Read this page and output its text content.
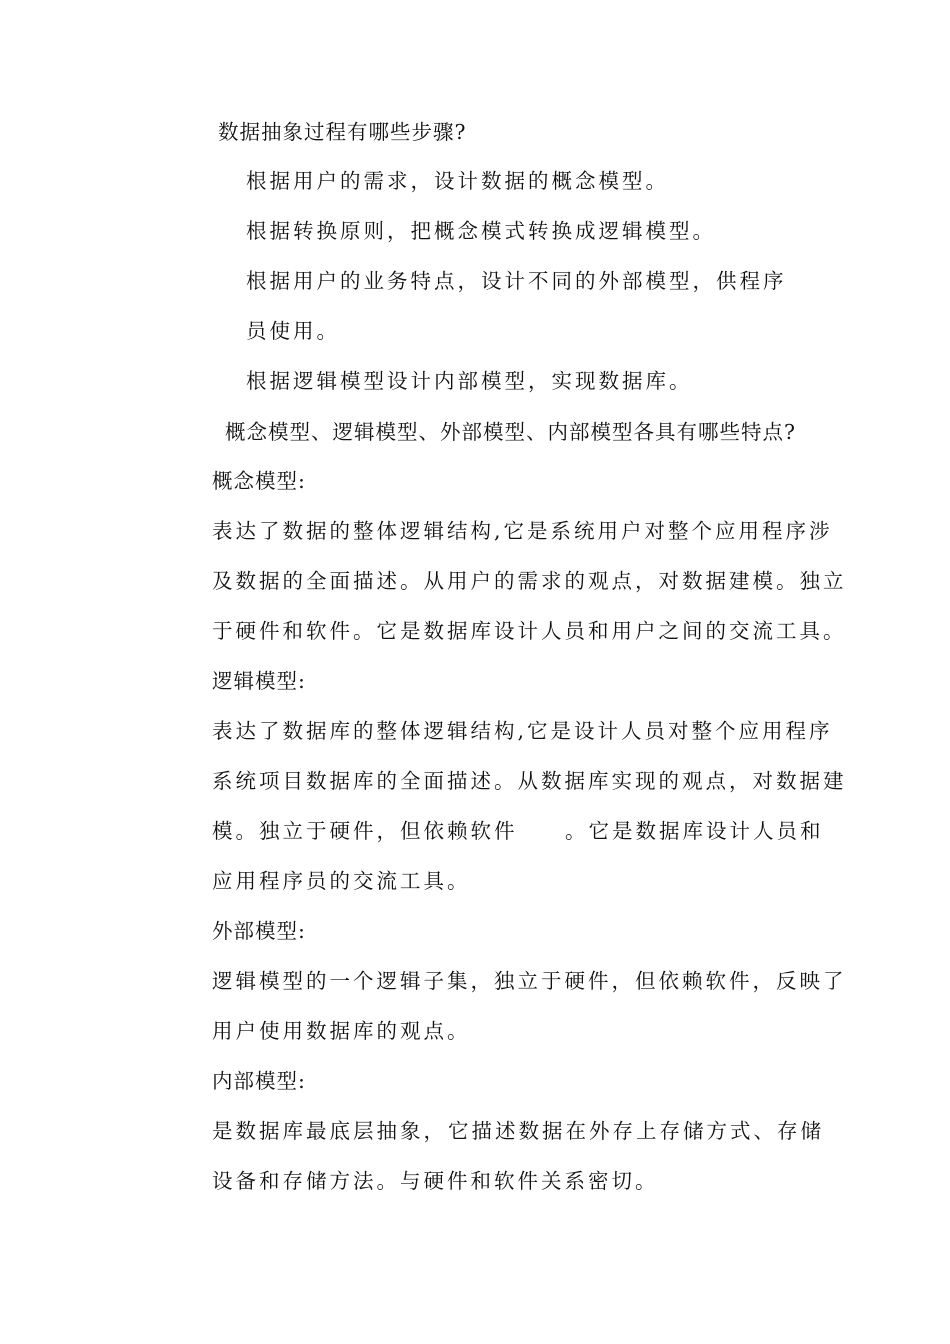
数据抽象过程有哪些步骤?
根据用户的需求，设计数据的概念模型。
根据转换原则，把概念模式转换成逻辑模型。
根据用户的业务特点，设计不同的外部模型，供程序
员使用。
根据逻辑模型设计内部模型，实现数据库。
概念模型、逻辑模型、外部模型、内部模型各具有哪些特点?
概念模型:
表达了数据的整体逻辑结构,它是系统用户对整个应用程序涉
及数据的全面描述。从用户的需求的观点，对数据建模。独立
于硬件和软件。它是数据库设计人员和用户之间的交流工具。
逻辑模型:
表达了数据库的整体逻辑结构,它是设计人员对整个应用程序
系统项目数据库的全面描述。从数据库实现的观点，对数据建
模。独立于硬件，但依赖软件 。它是数据库设计人员和
应用程序员的交流工具。
外部模型:
逻辑模型的一个逻辑子集，独立于硬件，但依赖软件，反映了
用户使用数据库的观点。
内部模型:
是数据库最底层抽象， 它描述数据在外存上存储方式、存储
设备和存储方法。与硬件和软件关系密切。
